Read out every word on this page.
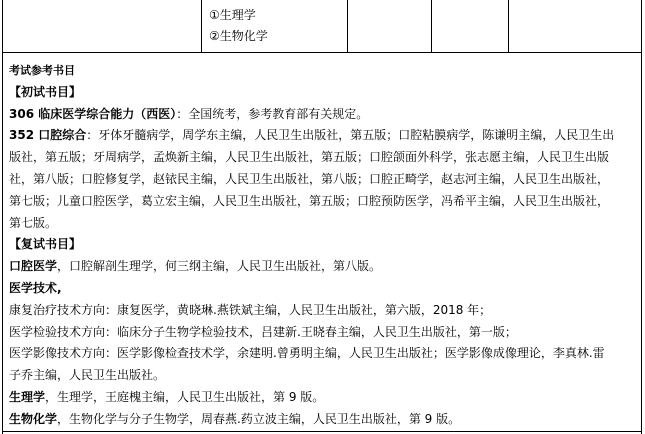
①生理学
②生物化学
考试参考书目
【初试书目】
306 临床医学综合能力（西医）：全国统考，参考教育部有关规定。
352 口腔综合：牙体牙髓病学，周学东主编，人民卫生出版社，第五版；口腔粘膜病学，陈谦明主编，人民卫生出
版社，第五版；牙周病学，孟焕新主编，人民卫生出版社，第五版；口腔颌面外科学，张志愿主编，人民卫生出版
社，第八版；口腔修复学，赵铱民主编，人民卫生出版社，第八版；口腔正畸学，赵志河主编，人民卫生出版社，
第七版；儿童口腔医学，葛立宏主编，人民卫生出版社，第五版；口腔预防医学，冯希平主编，人民卫生出版社，
第七版。
【复试书目】
口腔医学，口腔解剖生理学，何三纲主编，人民卫生出版社，第八版。
医学技术,
康复治疗技术方向：康复医学，黄晓琳.燕铁斌主编，人民卫生出版社，第六版，2018 年；
医学检验技术方向：临床分子生物学检验技术，吕建新.王晓春主编，人民卫生出版社，第一版；
医学影像技术方向：医学影像检查技术学，余建明.曾勇明主编，人民卫生出版社；医学影像成像理论，李真林.雷
子乔主编，人民卫生出版社。
生理学，生理学，王庭槐主编，人民卫生出版社，第 9 版。
生物化学，生物化学与分子生物学，周春燕.药立波主编，人民卫生出版社，第 9 版。
